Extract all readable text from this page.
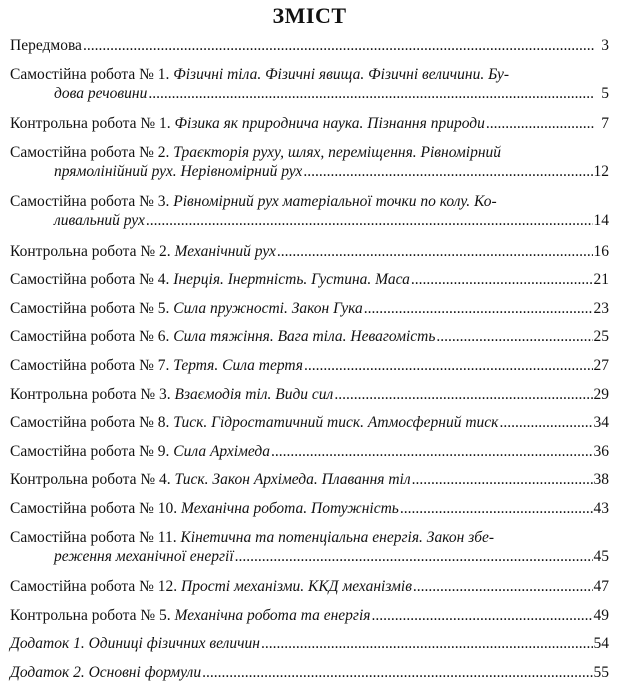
ЗМІСТ
Передмова .....	3
Самостійна робота № 1. Фізичні тіла. Фізичні явища. Фізичні величини. Бу-
дова речовини .....	5
Контрольна робота № 1. Фізика як природнича наука. Пізнання природи .....	7
Самостійна робота № 2. Траєкторія руху, шлях, переміщення. Рівномірний
прямолінійний рух. Нерівномірний рух .....	12
Самостійна робота № 3. Рівномірний рух матеріальної точки по колу. Ко-
ливальний рух .....	14
Контрольна робота № 2. Механічний рух .....	16
Самостійна робота № 4. Інерція. Інертність. Густина. Маса .....	21
Самостійна робота № 5. Сила пружності. Закон Гука .....	23
Самостійна робота № 6. Сила тяжіння. Вага тіла. Невагомість .....	25
Самостійна робота № 7. Тертя. Сила тертя .....	27
Контрольна робота № 3. Взаємодія тіл. Види сил .....	29
Самостійна робота № 8. Тиск. Гідростатичний тиск. Атмосферний тиск .....	34
Самостійна робота № 9. Сила Архімеда .....	36
Контрольна робота № 4. Тиск. Закон Архімеда. Плавання тіл .....	38
Самостійна робота № 10. Механічна робота. Потужність .....	43
Самостійна робота № 11. Кінетична та потенціальна енергія. Закон збе-
реження механічної енергії .....	45
Самостійна робота № 12. Прості механізми. ККД механізмів .....	47
Контрольна робота № 5. Механічна робота та енергія .....	49
Додаток 1. Одиниці фізичних величин .....	54
Додаток 2. Основні формули .....	55
